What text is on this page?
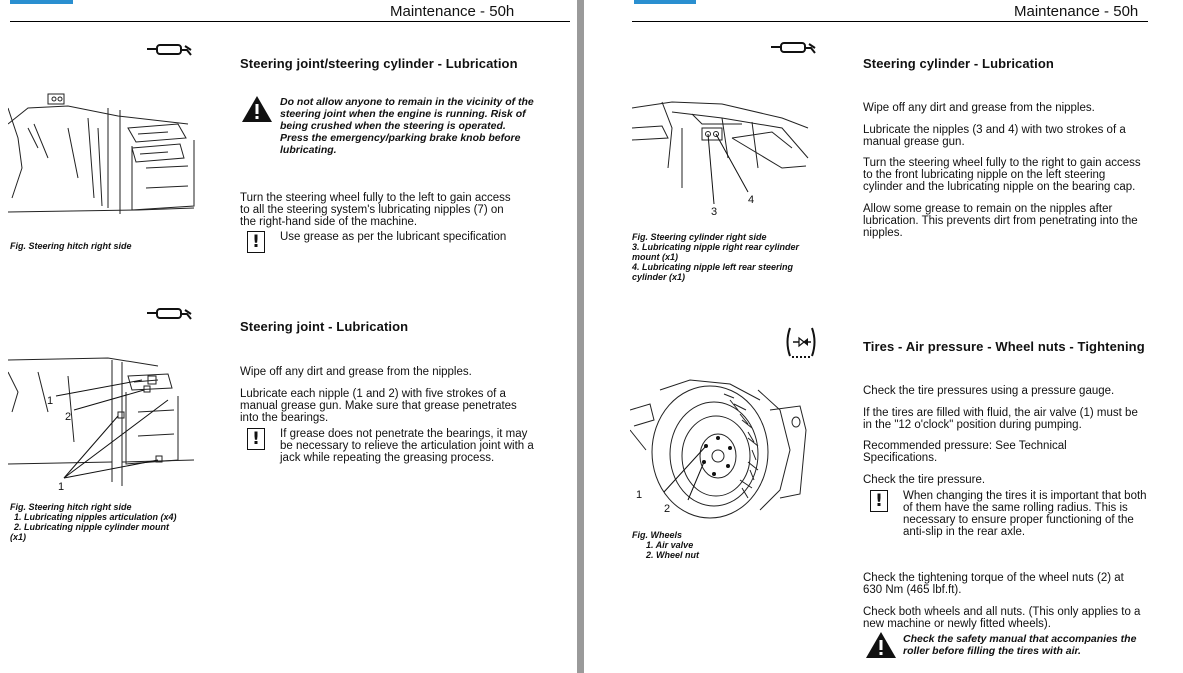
Maintenance - 50h
Steering joint/steering cylinder - Lubrication
Do not allow anyone to remain in the vicinity of the
steering joint when the engine is running. Risk of
being crushed when the steering is operated.
Press the emergency/parking brake knob before
lubricating.
Turn the steering wheel fully to the left to gain access
to all the steering system's lubricating nipples (7) on
the right-hand side of the machine.
!	Use grease as per the lubricant specification
Fig. Steering hitch right side
Steering joint - Lubrication
Wipe off any dirt and grease from the nipples.
Lubricate each nipple (1 and 2) with five strokes of a
manual grease gun. Make sure that grease penetrates
into the bearings.
!	If grease does not penetrate the bearings, it may
be necessary to relieve the articulation joint with a
jack while repeating the greasing process.
1
2
1
Fig. Steering hitch right side
1. Lubricating nipples articulation (x4)
2. Lubricating nipple cylinder mount
(x1)
Maintenance - 50h
Steering cylinder - Lubrication
Wipe off any dirt and grease from the nipples.
Lubricate the nipples (3 and 4) with two strokes of a
manual grease gun.
Turn the steering wheel fully to the right to gain access
to the front lubricating nipple on the left steering
cylinder and the lubricating nipple on the bearing cap.
Allow some grease to remain on the nipples after
lubrication. This prevents dirt from penetrating into the
nipples.
3
4
Fig. Steering cylinder right side
3. Lubricating nipple right rear cylinder
mount (x1)
4. Lubricating nipple left rear steering
cylinder (x1)
Tires - Air pressure - Wheel nuts - Tightening
Check the tire pressures using a pressure gauge.
If the tires are filled with fluid, the air valve (1) must be
in the "12 o'clock" position during pumping.
Recommended pressure: See Technical
Specifications.
Check the tire pressure.
!	When changing the tires it is important that both
of them have the same rolling radius. This is
necessary to ensure proper functioning of the
anti-slip in the rear axle.
Check the tightening torque of the wheel nuts (2) at
630 Nm (465 lbf.ft).
Check both wheels and all nuts. (This only applies to a
new machine or newly fitted wheels).
Check the safety manual that accompanies the
roller before filling the tires with air.
1
2
Fig. Wheels
1. Air valve
2. Wheel nut
